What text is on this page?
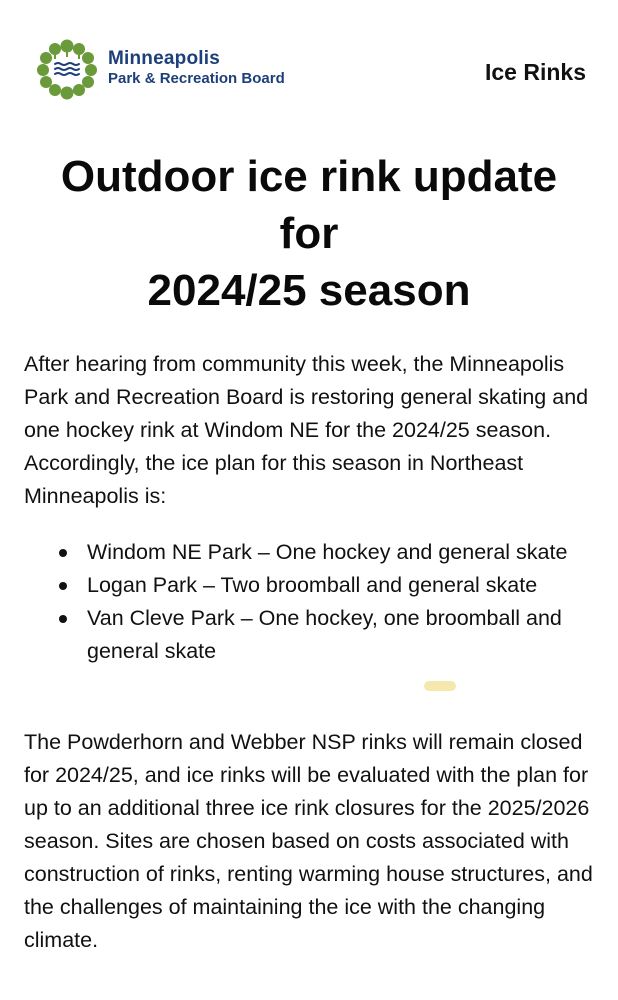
Minneapolis
Park & Recreation Board	Ice Rinks
Outdoor ice rink update
for
2024/25 season

After hearing from community this week, the Minneapolis Park and Recreation Board is restoring general skating and one hockey rink at Windom NE for the 2024/25 season. Accordingly, the ice plan for this season in Northeast Minneapolis is:

Windom NE Park – One hockey and general skate
Logan Park – Two broomball and general skate
Van Cleve Park – One hockey, one broomball and general skate

The Powderhorn and Webber NSP rinks will remain closed for 2024/25, and ice rinks will be evaluated with the plan for up to an additional three ice rink closures for the 2025/2026 season. Sites are chosen based on costs associated with construction of rinks, renting warming house structures, and the challenges of maintaining the ice with the changing climate.
